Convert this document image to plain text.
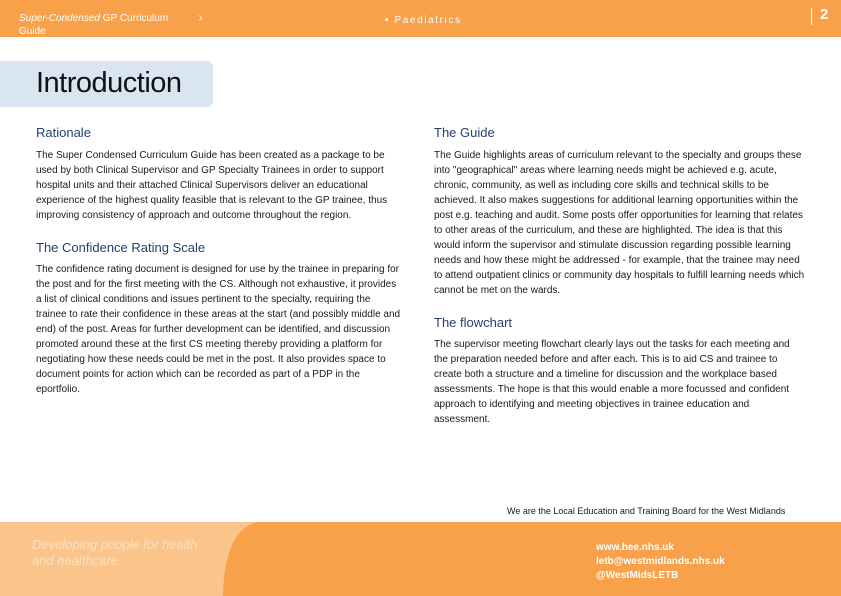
Super-Condensed GP Curriculum Guide
›	• Paediatrics	2
Introduction

Rationale

The Super Condensed Curriculum Guide has been created as a package to be used by both Clinical Supervisor and GP Specialty Trainees in order to support hospital units and their attached Clinical Supervisors deliver an educational experience of the highest quality feasible that is relevant to the GP trainee, thus improving consistency of approach and outcome throughout the region.

The Confidence Rating Scale

The confidence rating document is designed for use by the trainee in preparing for the post and for the first meeting with the CS. Although not exhaustive, it provides a list of clinical conditions and issues pertinent to the specialty, requiring the trainee to rate their confidence in these areas at the start (and possibly middle and end) of the post. Areas for further development can be identified, and discussion promoted around these at the first CS meeting thereby providing a platform for negotiating how these needs could be met in the post. It also provides space to document points for action which can be recorded as part of a PDP in the eportfolio.

The Guide

The Guide highlights areas of curriculum relevant to the specialty and groups these into "geographical" areas where learning needs might be achieved e.g. acute, chronic, community, as well as including core skills and technical skills to be achieved. It also makes suggestions for additional learning opportunities within the post e.g. teaching and audit. Some posts offer opportunities for learning that relates to other areas of the curriculum, and these are highlighted. The idea is that this would inform the supervisor and stimulate discussion regarding possible learning needs and how these might be addressed - for example, that the trainee may need to attend outpatient clinics or community day hospitals to fulfill learning needs which cannot be met on the wards.

The flowchart

The supervisor meeting flowchart clearly lays out the tasks for each meeting and the preparation needed before and after each. This is to aid CS and trainee to create both a structure and a timeline for discussion and the workplace based assessments. The hope is that this would enable a more focussed and confident approach to identifying and meeting objectives in trainee education and assessment.

We are the Local Education and Training Board for the West Midlands
Developing people for health and healthcare
www.hee.nhs.uk
letb@westmidlands.nhs.uk
@WestMidsLETB
